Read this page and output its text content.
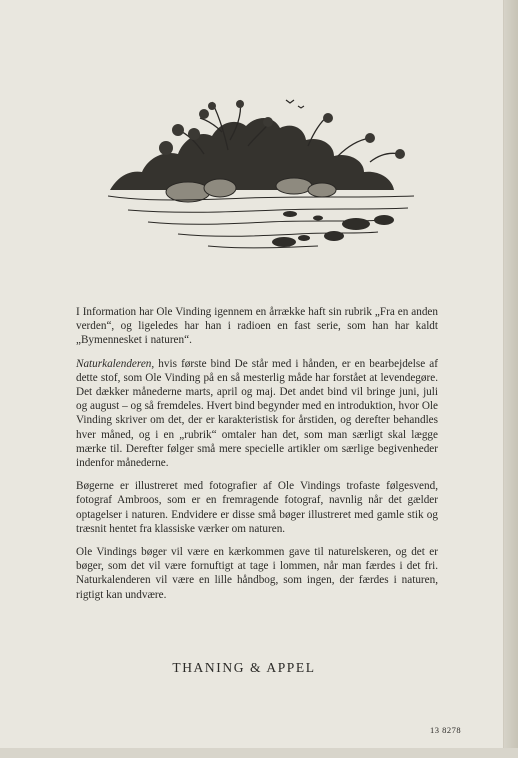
I Information har Ole Vinding igennem en årrække haft sin rubrik „Fra en anden verden“, og ligeledes har han i radioen en fast serie, som han har kaldt „Bymennesket i naturen“.

Naturkalenderen, hvis første bind De står med i hånden, er en bearbejdelse af dette stof, som Ole Vinding på en så mesterlig måde har forstået at levendegøre. Det dækker månederne marts, april og maj. Det andet bind vil bringe juni, juli og august – og så fremdeles. Hvert bind begynder med en introduktion, hvor Ole Vinding skriver om det, der er karakteristisk for årstiden, og derefter behandles hver måned, og i en „rubrik“ omtaler han det, som man særligt skal lægge mærke til. Derefter følger små mere specielle artikler om særlige begivenheder indenfor månederne.

Bøgerne er illustreret med fotografier af Ole Vindings trofaste følgesvend, fotograf Ambroos, som er en fremragende fotograf, navnlig når det gælder optagelser i naturen. Endvidere er disse små bøger illustreret med gamle stik og træsnit hentet fra klassiske værker om naturen.

Ole Vindings bøger vil være en kærkommen gave til naturelskeren, og det er bøger, som det vil være fornuftigt at tage i lommen, når man færdes i det fri. Naturkalenderen vil være en lille håndbog, som ingen, der færdes i naturen, rigtigt kan undvære.

THANING & APPEL
13 8278
